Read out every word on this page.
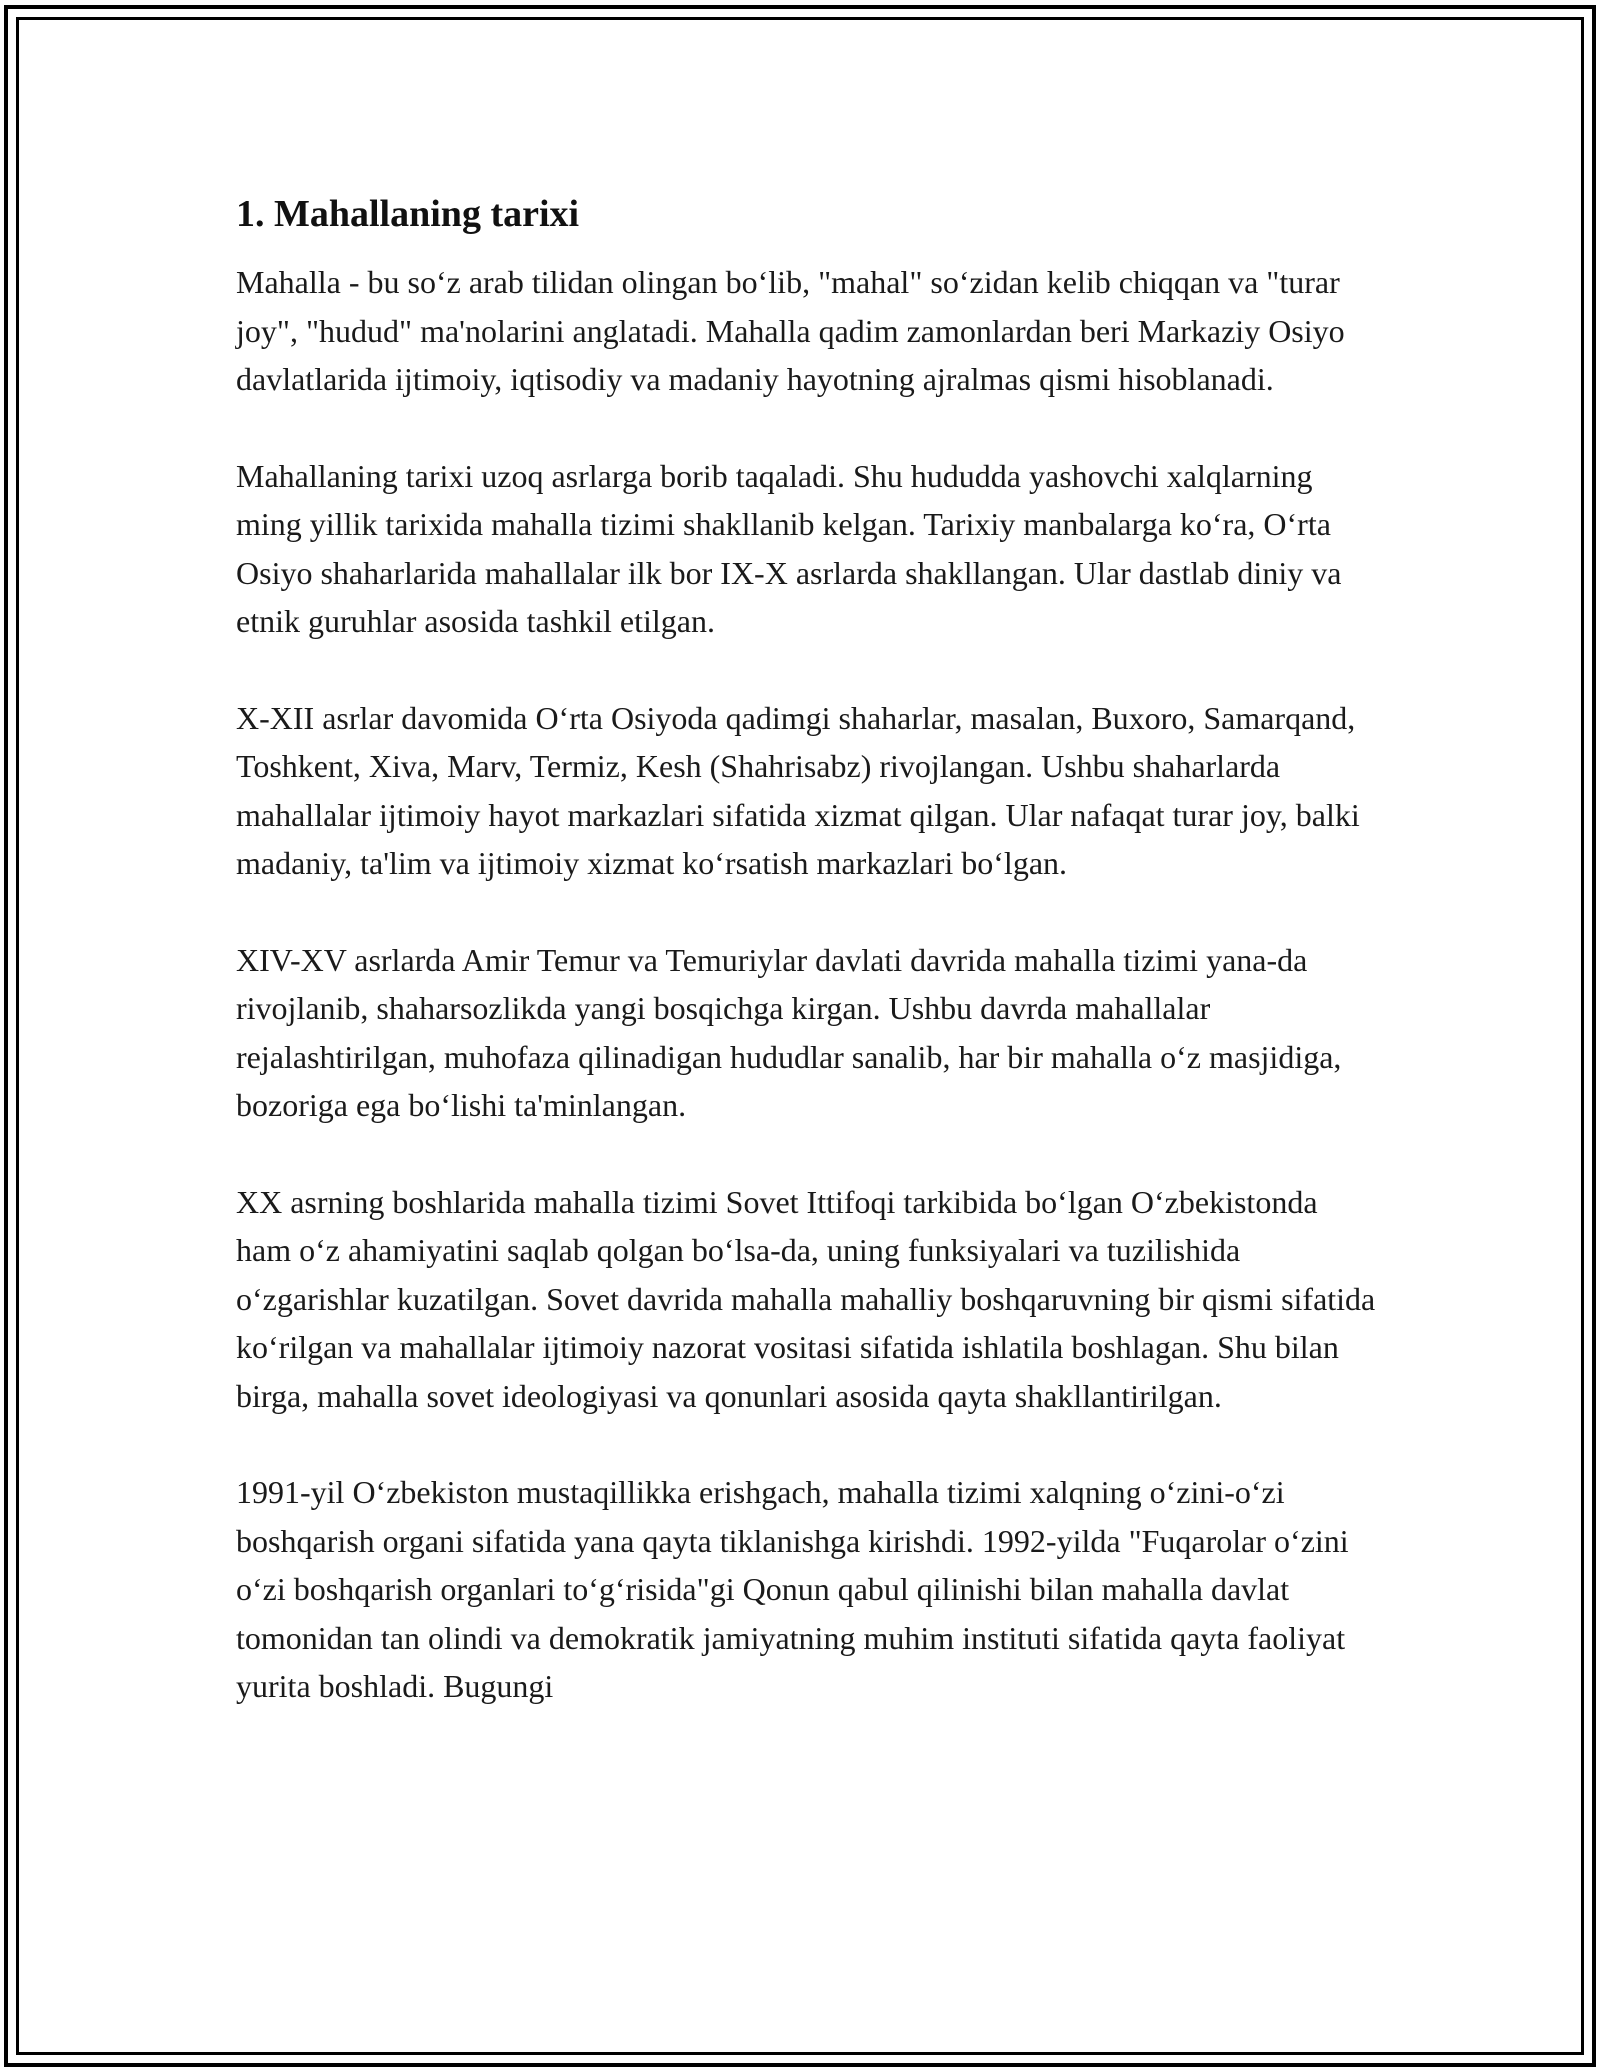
1. Mahallaning tarixi

Mahalla - bu soʻz arab tilidan olingan boʻlib, "mahal" soʻzidan kelib chiqqan va "turar joy", "hudud" ma'nolarini anglatadi. Mahalla qadim zamonlardan beri Markaziy Osiyo davlatlarida ijtimoiy, iqtisodiy va madaniy hayotning ajralmas qismi hisoblanadi.

Mahallaning tarixi uzoq asrlarga borib taqaladi. Shu hududda yashovchi xalqlarning ming yillik tarixida mahalla tizimi shakllanib kelgan. Tarixiy manbalarga koʻra, Oʻrta Osiyo shaharlarida mahallalar ilk bor IX-X asrlarda shakllangan. Ular dastlab diniy va etnik guruhlar asosida tashkil etilgan.

X-XII asrlar davomida Oʻrta Osiyoda qadimgi shaharlar, masalan, Buxoro, Samarqand, Toshkent, Xiva, Marv, Termiz, Kesh (Shahrisabz) rivojlangan. Ushbu shaharlarda mahallalar ijtimoiy hayot markazlari sifatida xizmat qilgan. Ular nafaqat turar joy, balki madaniy, ta'lim va ijtimoiy xizmat koʻrsatish markazlari boʻlgan.

XIV-XV asrlarda Amir Temur va Temuriylar davlati davrida mahalla tizimi yana-da rivojlanib, shaharsozlikda yangi bosqichga kirgan. Ushbu davrda mahallalar rejalashtirilgan, muhofaza qilinadigan hududlar sanalib, har bir mahalla oʻz masjidiga, bozoriga ega boʻlishi ta'minlangan.

XX asrning boshlarida mahalla tizimi Sovet Ittifoqi tarkibida boʻlgan Oʻzbekistonda ham oʻz ahamiyatini saqlab qolgan boʻlsa-da, uning funksiyalari va tuzilishida oʻzgarishlar kuzatilgan. Sovet davrida mahalla mahalliy boshqaruvning bir qismi sifatida koʻrilgan va mahallalar ijtimoiy nazorat vositasi sifatida ishlatila boshlagan. Shu bilan birga, mahalla sovet ideologiyasi va qonunlari asosida qayta shakllantirilgan.

1991-yil Oʻzbekiston mustaqillikka erishgach, mahalla tizimi xalqning oʻzini-oʻzi boshqarish organi sifatida yana qayta tiklanishga kirishdi. 1992-yilda "Fuqarolar oʻzini oʻzi boshqarish organlari toʻgʻrisida"gi Qonun qabul qilinishi bilan mahalla davlat tomonidan tan olindi va demokratik jamiyatning muhim instituti sifatida qayta faoliyat yurita boshladi. Bugungi
